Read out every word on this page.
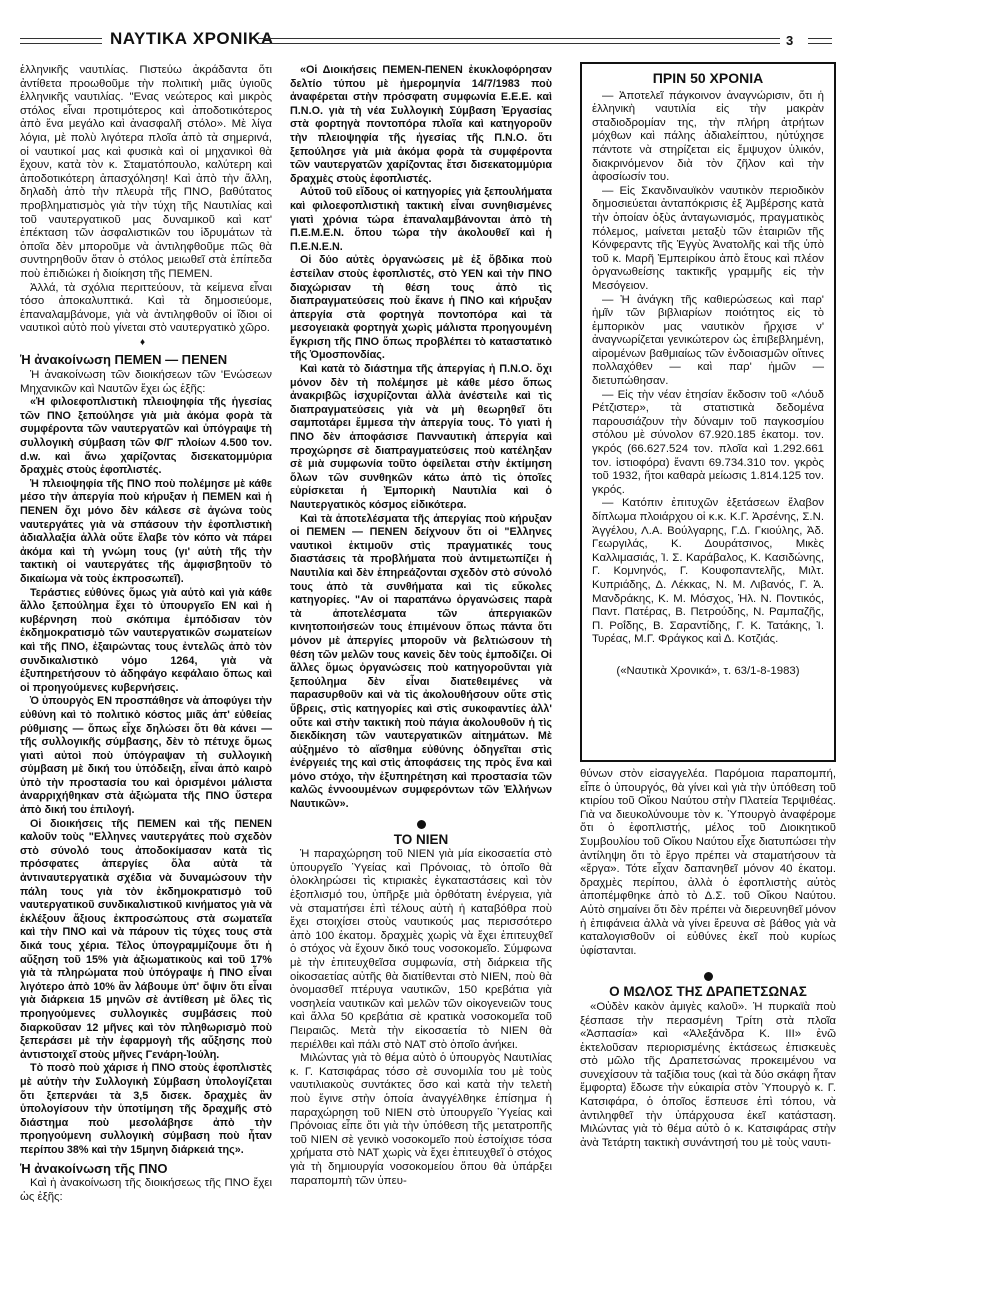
ΝΑΥΤΙΚΑ ΧΡΟΝΙΚΑ	3

ἑλληνικῆς ναυτιλίας. Πιστεύω ἀκράδαντα ὅτι ἀντίθετα προωθοῦμε τὴν πολιτικὴ μιᾶς ὑγιοῦς ἑλληνικῆς ναυτιλίας. "Ενας νεώτερος καὶ μικρὸς στόλος εἶναι προτιμότερος καὶ ἀποδοτικότερος ἀπὸ ἕνα μεγάλο καὶ ἀνασφαλῆ στόλο». Μὲ λίγα λόγια, μὲ πολὺ λιγότερα πλοῖα ἀπὸ τὰ σημερινά, οἱ ναυτικοί μας καὶ φυσικὰ καὶ οἱ μηχανικοὶ θὰ ἔχουν, κατὰ τὸν κ. Σταματόπουλο, καλύτερη καὶ ἀποδοτικότερη ἀπασχόληση! Καὶ ἀπὸ τὴν ἄλλη, δηλαδὴ ἀπὸ τὴν πλευρὰ τῆς ΠΝΟ, βαθύτατος προβληματισμὸς γιὰ τὴν τύχη τῆς Ναυτιλίας καὶ τοῦ ναυτεργατικοῦ μας δυναμικοῦ καὶ κατ' ἐπέκταση τῶν ἀσφαλιστικῶν του ἱδρυμάτων τὰ ὁποῖα δὲν μποροῦμε νὰ ἀντιληφθοῦμε πῶς θὰ συντηρηθοῦν ὅταν ὁ στόλος μειωθεῖ στὰ ἐπίπεδα ποὺ ἐπιδιώκει ἡ διοίκηση τῆς ΠΕΜΕΝ.

Ἀλλά, τὰ σχόλια περιττεύουν, τὰ κείμενα εἶναι τόσο ἀποκαλυπτικά. Καὶ τὰ δημοσιεύομε, ἐπαναλαμβάνομε, γιὰ νὰ ἀντιληφθοῦν οἱ ἴδιοι οἱ ναυτικοὶ αὐτὸ ποὺ γίνεται στὸ ναυτεργατικὸ χῶρο.

♦
Ἡ ἀνακοίνωση ΠΕΜΕΝ — ΠΕΝΕΝ

Ἡ ἀνακοίνωση τῶν διοικήσεων τῶν 'Ενώσεων Μηχανικῶν καὶ Ναυτῶν ἔχει ὡς ἑξῆς:

«Ἡ φιλοεφοπλιστικὴ πλειοψηφία τῆς ἡγεσίας τῶν ΠΝΟ ξεπούλησε γιὰ μιὰ ἀκόμα φορὰ τὰ συμφέροντα τῶν ναυτεργατῶν καὶ ὑπόγραψε τὴ συλλογικὴ σύμβαση τῶν Φ/Γ πλοίων 4.500 τον. d.w. καὶ ἄνω χαρίζοντας δισεκατομμύρια δραχμὲς στοὺς ἐφοπλιστές.

Ἡ πλειοψηφία τῆς ΠΝΟ ποὺ πολέμησε μὲ κάθε μέσο τὴν ἀπεργία ποὺ κήρυξαν ἡ ΠΕΜΕΝ καὶ ἡ ΠΕΝΕΝ ὄχι μόνο δὲν κάλεσε σὲ ἀγώνα τοὺς ναυτεργάτες γιὰ νὰ σπάσουν τὴν ἐφοπλιστικὴ ἀδιαλλαξία ἀλλὰ οὔτε ἔλαβε τὸν κόπο νὰ πάρει ἀκόμα καὶ τὴ γνώμη τους (γι' αὐτὴ τῆς τὴν τακτικὴ οἱ ναυτεργάτες τῆς ἀμφισβητοῦν τὸ δικαίωμα νὰ τοὺς ἐκπροσωπεῖ).

Τεράστιες εὐθύνες ὅμως γιὰ αὐτὸ καὶ γιὰ κάθε ἄλλο ξεπούλημα ἔχει τὸ ὑπουργεῖο ΕΝ καὶ ἡ κυβέρνηση ποὺ σκόπιμα ἐμπόδισαν τὸν ἐκδημοκρατισμὸ τῶν ναυτεργατικῶν σωματείων καὶ τῆς ΠΝΟ, ἐξαιρώντας τους ἐντελῶς ἀπὸ τὸν συνδικαλιστικὸ νόμο 1264, γιὰ νὰ ἐξυπηρετήσουν τὸ ἀδηφάγο κεφάλαιο ὅπως καὶ οἱ προηγούμενες κυβερνήσεις.

Ὁ ὑπουργὸς ΕΝ προσπάθησε νὰ ἀποφύγει τὴν εὐθύνη καὶ τὸ πολιτικὸ κόστος μιᾶς ἀπ' εὐθείας ρύθμισης — ὅπως εἶχε δηλώσει ὅτι θὰ κάνει — τῆς συλλογικῆς σύμβασης, δὲν τὸ πέτυχε ὅμως γιατὶ αὐτοὶ ποὺ ὑπόγραψαν τὴ συλλογικὴ σύμβαση μὲ δική του ὑπόδειξη, εἶναι ἀπὸ καιρὸ ὑπὸ τὴν προστασία του καὶ ὁρισμένοι μάλιστα ἀναρριχήθηκαν στὰ ἀξιώματα τῆς ΠΝΟ ὕστερα ἀπὸ δική του ἐπιλογή.

Οἱ διοικήσεις τῆς ΠΕΜΕΝ καὶ τῆς ΠΕΝΕΝ καλοῦν τοὺς "Ελληνες ναυτεργάτες ποὺ σχεδὸν στὸ σύνολό τους ἀποδοκίμασαν κατὰ τὶς πρόσφατες ἀπεργίες ὅλα αὐτὰ τὰ ἀντιναυτεργατικὰ σχέδια νὰ δυναμώσουν τὴν πάλη τους γιὰ τὸν ἐκδημοκρατισμὸ τοῦ ναυτεργατικοῦ συνδικαλιστικοῦ κινήματος γιὰ νὰ ἐκλέξουν ἄξιους ἐκπροσώπους στὰ σωματεῖα καὶ τὴν ΠΝΟ καὶ νὰ πάρουν τὶς τύχες τους στὰ δικά τους χέρια. Τέλος ὑπογραμμίζουμε ὅτι ἡ αὔξηση τοῦ 15% γιὰ ἀξιωματικοὺς καὶ τοῦ 17% γιὰ τὰ πληρώματα ποὺ ὑπόγραψε ἡ ΠΝΟ εἶναι λιγότερο ἀπὸ 10% ἂν λάβουμε ὑπ' ὄψιν ὅτι εἶναι γιὰ διάρκεια 15 μηνῶν σὲ ἀντίθεση μὲ ὅλες τὶς προηγούμενες συλλογικὲς συμβάσεις ποὺ διαρκοῦσαν 12 μῆνες καὶ τὸν πληθωρισμὸ ποὺ ξεπεράσει μὲ τὴν ἐφαρμογὴ τῆς αὔξησης ποὺ ἀντιστοιχεῖ στοὺς μῆνες Γενάρη-Ἰούλη.

Τὸ ποσὸ ποὺ χάρισε ἡ ΠΝΟ στοὺς ἐφοπλιστὲς μὲ αὐτὴν τὴν Συλλογικὴ Σύμβαση ὑπολογίζεται ὅτι ξεπερνάει τὰ 3,5 δισεκ. δραχμὲς ἂν ὑπολογίσουν τὴν ὑποτίμηση τῆς δραχμῆς στὸ διάστημα ποὺ μεσολάβησε ἀπὸ τὴν προηγούμενη συλλογικὴ σύμβαση ποὺ ἦταν περίπου 38% καὶ τὴν 15μηνη διάρκειά της».

Ἡ ἀνακοίνωση τῆς ΠΝΟ

Καὶ ἡ ἀνακοίνωση τῆς διοικήσεως τῆς ΠΝΟ ἔχει ὡς ἑξῆς:

«Οἱ Διοικήσεις ΠΕΜΕΝ-ΠΕΝΕΝ ἐκυκλοφόρησαν δελτίο τύπου μὲ ἡμερομηνία 14/7/1983 ποὺ ἀναφέρεται στὴν πρόσφατη συμφωνία Ε.Ε.Ε. καὶ Π.Ν.Ο. γιὰ τὴ νέα Συλλογικὴ Σύμβαση Ἐργασίας στὰ φορτηγὰ ποντοπόρα πλοῖα καὶ κατηγοροῦν τὴν πλειοψηφία τῆς ἡγεσίας τῆς Π.Ν.Ο. ὅτι ξεπούλησε γιὰ μιὰ ἀκόμα φορὰ τὰ συμφέροντα τῶν ναυτεργατῶν χαρίζοντας ἔτσι δισεκατομμύρια δραχμὲς στοὺς ἐφοπλιστές.

Αὐτοῦ τοῦ εἴδους οἱ κατηγορίες γιὰ ξεπουλήματα καὶ φιλοεφοπλιστικὴ τακτικὴ εἶναι συνηθισμένες γιατὶ χρόνια τώρα ἐπαναλαμβάνονται ἀπὸ τὴ Π.Ε.Μ.Ε.Ν. ὅπου τώρα τὴν ἀκολουθεῖ καὶ ἡ Π.Ε.Ν.Ε.Ν.

Οἱ δύο αὐτὲς ὀργανώσεις μὲ ἐξ ὄβδικα ποὺ ἐστείλαν στοὺς ἐφοπλιστές, στὸ ΥΕΝ καὶ τὴν ΠΝΟ διαχώρισαν τὴ θέση τους ἀπὸ τὶς διαπραγματεύσεις ποὺ ἔκανε ἡ ΠΝΟ καὶ κήρυξαν ἀπεργία στὰ φορτηγὰ ποντοπόρα καὶ τὰ μεσογειακὰ φορτηγὰ χωρὶς μάλιστα προηγουμένη ἔγκριση τῆς ΠΝΟ ὅπως προβλέπει τὸ καταστατικὸ τῆς Ὁμοσπονδίας.

Καὶ κατὰ τὸ διάστημα τῆς ἀπεργίας ἡ Π.Ν.Ο. ὄχι μόνον δὲν τὴ πολέμησε μὲ κάθε μέσο ὅπως ἀνακριβῶς ἰσχυρίζονται ἀλλὰ ἀνέστειλε καὶ τὶς διαπραγματεύσεις γιὰ νὰ μὴ θεωρηθεῖ ὅτι σαμποτάρει ἔμμεσα τὴν ἀπεργία τους. Τὸ γιατὶ ἡ ΠΝΟ δὲν ἀποφάσισε Πανναυτικὴ ἀπεργία καὶ προχώρησε σὲ διαπραγματεύσεις ποὺ κατέληξαν σὲ μιὰ συμφωνία τοῦτο ὀφείλεται στὴν ἐκτίμηση ὅλων τῶν συνθηκῶν κάτω ἀπὸ τὶς ὁποῖες εὑρίσκεται ἡ Ἐμπορικὴ Ναυτιλία καὶ ὁ Ναυτεργατικὸς κόσμος εἰδικότερα.

Καὶ τὰ ἀποτελέσματα τῆς ἀπεργίας ποὺ κήρυξαν οἱ ΠΕΜΕΝ — ΠΕΝΕΝ δείχνουν ὅτι οἱ "Ελληνες ναυτικοὶ ἐκτιμοῦν στὶς πραγματικές τους διαστάσεις τὰ προβλήματα ποὺ ἀντιμετωπίζει ἡ Ναυτιλία καὶ δὲν ἐπηρεάζονται σχεδὸν στὸ σύνολό τους ἀπὸ τὰ συνθήματα καὶ τὶς εὔκολες κατηγορίες. "Αν οἱ παραπάνω ὀργανώσεις παρὰ τὰ ἀποτελέσματα τῶν ἀπεργιακῶν κινητοποιήσεών τους ἐπιμένουν ὅπως πάντα ὅτι μόνον μὲ ἀπεργίες μποροῦν νὰ βελτιώσουν τὴ θέση τῶν μελῶν τους κανεὶς δὲν τοὺς ἐμποδίζει. Οἱ ἄλλες ὅμως ὀργανώσεις ποὺ κατηγοροῦνται γιὰ ξεπούλημα δὲν εἶναι διατεθειμένες νὰ παρασυρθοῦν καὶ νὰ τὶς ἀκολουθήσουν οὔτε στὶς ὕβρεις, στὶς κατηγορίες καὶ στὶς συκοφαντίες ἀλλ' οὔτε καὶ στὴν τακτικὴ ποὺ πάγια ἀκολουθοῦν ἡ τὶς διεκδίκηση τῶν ναυτεργατικῶν αἰτημάτων. Μὲ αὐξημένο τὸ αἴσθημα εὐθύνης ὁδηγεῖται στὶς ἐνέργειές της καὶ στὶς ἀποφάσεις της πρὸς ἕνα καὶ μόνο στόχο, τὴν ἐξυπηρέτηση καὶ προστασία τῶν καλῶς ἐννοουμένων συμφερόντων τῶν Ἑλλήνων Ναυτικῶν».

ΤΟ ΝΙΕΝ

Ἡ παραχώρηση τοῦ ΝΙΕΝ γιὰ μία εἰκοσαετία στὸ ὑπουργεῖο Ὑγείας καὶ Πρόνοιας, τὸ ὁποῖο θὰ ὁλοκληρώσει τὶς κτιριακὲς ἐγκαταστάσεις καὶ τὸν ἐξοπλισμό του, ὑπῆρξε μιὰ ὀρθότατη ἐνέργεια, γιὰ νὰ σταματήσει ἐπὶ τέλους αὐτὴ ἡ καταβόθρα ποὺ ἔχει στοιχίσει στοὺς ναυτικούς μας περισσότερο ἀπὸ 100 ἑκατομ. δραχμὲς χωρὶς νὰ ἔχει ἐπιτευχθεῖ ὁ στόχος νὰ ἔχουν δικό τους νοσοκομεῖο. Σύμφωνα μὲ τὴν ἐπιτευχθεῖσα συμφωνία, στὴ διάρκεια τῆς οἰκοσαετίας αὐτῆς θὰ διατίθενται στὸ ΝΙΕΝ, ποὺ θὰ ὀνομασθεῖ πτέρυγα ναυτικῶν, 150 κρεβάτια γιὰ νοσηλεία ναυτικῶν καὶ μελῶν τῶν οἰκογενειῶν τους καὶ ἄλλα 50 κρεβάτια σὲ κρατικὰ νοσοκομεῖα τοῦ Πειραιῶς. Μετὰ τὴν εἰκοσαετία τὸ ΝΙΕΝ θὰ περιέλθει καὶ πάλι στὸ ΝΑΤ στὸ ὁποῖο ἀνήκει.

Μιλώντας γιὰ τὸ θέμα αὐτὸ ὁ ὑπουργὸς Ναυτιλίας κ. Γ. Κατσιφάρας τόσο σὲ συνομιλία του μὲ τοὺς ναυτιλιακοὺς συντάκτες ὅσο καὶ κατὰ τὴν τελετὴ ποὺ ἔγινε στὴν ὁποία ἀναγγέλθηκε ἐπίσημα ἡ παραχώρηση τοῦ ΝΙΕΝ στὸ ὑπουργεῖο Ὑγείας καὶ Πρόνοιας εἶπε ὅτι γιὰ τὴν ὑπόθεση τῆς μετατροπῆς τοῦ ΝΙΕΝ σὲ γενικὸ νοσοκομεῖο ποὺ ἐστοίχισε τόσα χρήματα στὸ ΝΑΤ χωρὶς νὰ ἔχει ἐπιτευχθεῖ ὁ στόχος γιὰ τὴ δημιουργία νοσοκομείου ὅπου θὰ ὑπάρξει παραπομπὴ τῶν ὑπευ-

ΠΡΙΝ 50 ΧΡΟΝΙΑ

— Ἀποτελεῖ πάγκοινον ἀναγνώρισιν, ὅτι ἡ ἑλληνικὴ ναυτιλία εἰς τὴν μακρὰν σταδιοδρομίαν της, τὴν πλήρη ἀτρήτων μόχθων καὶ πάλης ἀδιαλείπτου, ηὐτύχησε πάντοτε νὰ στηρίζεται εἰς ἔμψυχον ὑλικόν, διακρινόμενον διὰ τὸν ζῆλον καὶ τὴν ἀφοσίωσίν του.

— Εἰς Σκανδιναυϊκὸν ναυτικὸν περιοδικὸν δημοσιεύεται ἀνταπόκρισις ἐξ Ἀμβέρσης κατὰ τὴν ὁποίαν ὀξὺς ἀνταγωνισμός, πραγματικὸς πόλεμος, μαίνεται μεταξὺ τῶν ἑταιριῶν τῆς Κόνφεραντς τῆς Ἐγγὺς Ἀνατολῆς καὶ τῆς ὑπὸ τοῦ κ. Μαρῆ Ἐμπειρίκου ἀπὸ ἔτους καὶ πλέον ὀργανωθείσης τακτικῆς γραμμῆς εἰς τὴν Μεσόγειον.

— Ἡ ἀνάγκη τῆς καθιερώσεως καὶ παρ' ἡμῖν τῶν βιβλιαρίων ποιότητος εἰς τὸ ἐμπορικὸν μας ναυτικὸν ἤρχισε ν' ἀναγνωρίζεται γενικώτερον ὡς ἐπιβεβλημένη, αἰρομένων βαθμιαίως τῶν ἐνδοιασμῶν οἵτινες πολλαχόθεν — καὶ παρ' ἡμῶν — διετυπώθησαν.

— Εἰς τὴν νέαν ἐτησίαν ἔκδοσιν τοῦ «Λόυδ Ρέτζιστερ», τὰ στατιστικὰ δεδομένα παρουσιάζουν τὴν δύναμιν τοῦ παγκοσμίου στόλου μὲ σύνολον 67.920.185 ἑκατομ. τον. γκρός (66.627.524 τον. πλοῖα καὶ 1.292.661 τον. ἱστιοφόρα) ἔναντι 69.734.310 τον. γκρὸς τοῦ 1932, ἤτοι καθαρὰ μείωσις 1.814.125 τον. γκρός.

— Κατόπιν ἐπιτυχῶν ἐξετάσεων ἔλαβον δίπλωμα πλοιάρχου οἱ κ.κ. Κ.Γ. Ἀρσένης, Σ.Ν. Ἀγγέλου, Λ.Α. Βούλγαρης, Γ.Δ. Γκιούλης, Ἀδ. Γεωργιλάς, Κ. Δουράτσινος, Μικὲς Καλλιμασιάς, Ἰ. Σ. Καράβαλος, Κ. Κασιδώνης, Γ. Κομνηνός, Γ. Κουφοπαντελῆς, Μιλτ. Κυπριάδης, Δ. Λέκκας, Ν. Μ. Λιβανός, Γ. Ἀ. Μανδράκης, Κ. Μ. Μόσχος, Ἠλ. Ν. Ποντικός, Παντ. Πατέρας, Β. Πετρούδης, Ν. Ραμπαζῆς, Π. Ροΐδης, Β. Σαραντίδης, Γ. Κ. Τατάκης, Ἰ. Τυρέας, Μ.Γ. Φράγκος καὶ Δ. Κοτζιάς.

(«Ναυτικὰ Χρονικά», τ. 63/1-8-1983)

θύνων στὸν εἰσαγγελέα. Παρόμοια παραπομπή, εἶπε ὁ ὑπουργός, θὰ γίνει καὶ γιὰ τὴν ὑπόθεση τοῦ κτιρίου τοῦ Οἴκου Ναύτου στὴν Πλατεία Τερψιθέας. Γιὰ να διευκολύνουμε τὸν κ. Ὑπουργὸ ἀναφέρομε ὅτι ὁ ἐφοπλιστής, μέλος τοῦ Διοικητικοῦ Συμβουλίου τοῦ Οἴκου Ναύτου εἶχε διατυπώσει τὴν ἀντίληψη ὅτι τὸ ἔργο πρέπει νὰ σταματήσουν τὰ «ἔργα». Τότε εἶχαν δαπανηθεῖ μόνον 40 ἑκατομ. δραχμὲς περίπου, ἀλλὰ ὁ ἐφοπλιστὴς αὐτὸς ἀποπέμφθηκε ἀπὸ τὸ Δ.Σ. τοῦ Οἴκου Ναύτου. Αὐτὸ σημαίνει ὅτι δὲν πρέπει νὰ διερευνηθεῖ μόνον ἡ ἐπιφάνεια ἀλλὰ νὰ γίνει ἔρευνα σὲ βάθος γιὰ νὰ καταλογισθοῦν οἱ εὐθύνες ἐκεῖ ποὺ κυρίως ὑφίστανται.

Ο ΜΩΛΟΣ ΤΗΣ ΔΡΑΠΕΤΣΩΝΑΣ

«Οὐδὲν κακὸν ἀμιγὲς καλοῦ». Ἡ πυρκαϊὰ ποὺ ξέσπασε τὴν περασμένη Τρίτη στὰ πλοῖα «Ἀσπασία» καὶ «Ἀλεξάνδρα Κ. ΙΙΙ» ἐνῶ ἐκτελοῦσαν περιορισμένης ἐκτάσεως ἐπισκευὲς στὸ μῶλο τῆς Δραπετσώνας προκειμένου να συνεχίσουν τὰ ταξίδια τους (καὶ τὰ δύο σκάφη ἦταν ἔμφορτα) ἔδωσε τὴν εὐκαιρία στὸν Ὑπουργὸ κ. Γ. Κατσιφάρα, ὁ ὁποῖος ἔσπευσε ἐπὶ τόπου, νὰ ἀντιληφθεῖ τὴν ὑπάρχουσα ἐκεῖ κατάσταση. Μιλώντας γιὰ τὸ θέμα αὐτὸ ὁ κ. Κατσιφάρας στὴν ἀνὰ Τετάρτη τακτικὴ συνάντησή του μὲ τοὺς ναυτι-
